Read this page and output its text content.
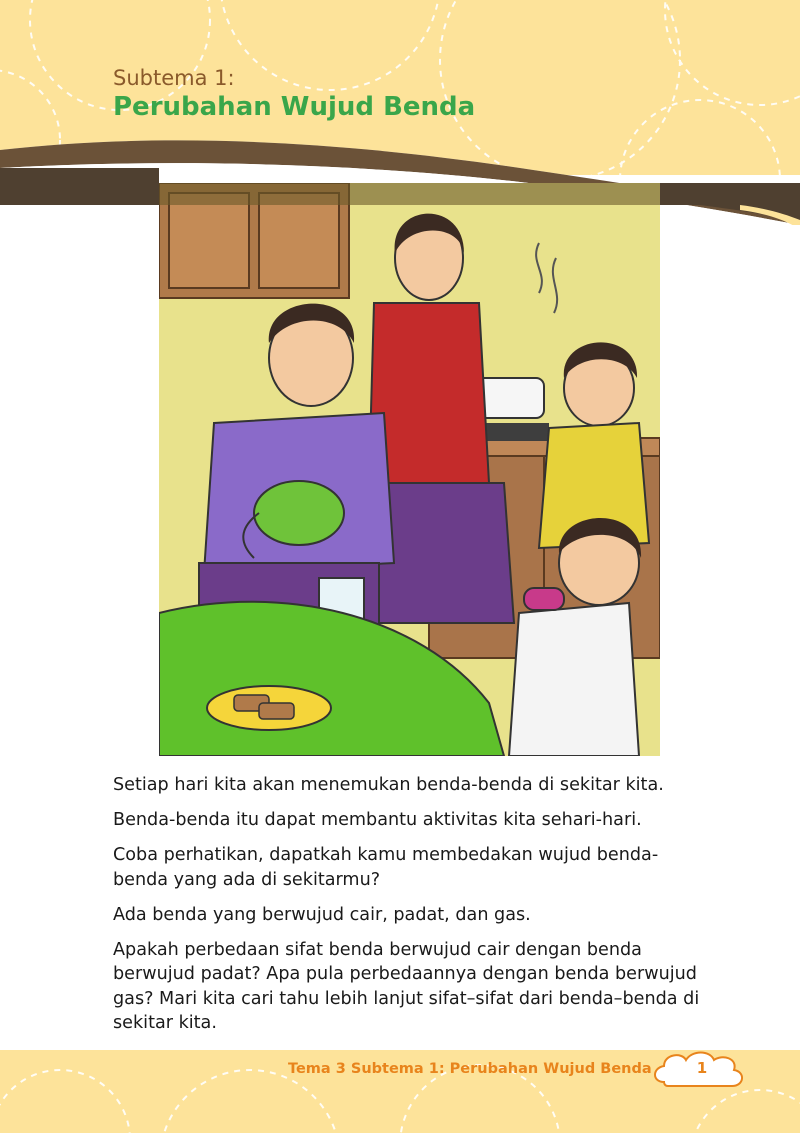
Subtema 1:
Perubahan Wujud Benda

Setiap hari kita akan menemukan benda-benda di sekitar kita.

Benda-benda itu dapat membantu aktivitas kita sehari-hari.

Coba perhatikan, dapatkah kamu membedakan wujud benda-benda yang ada di sekitarmu?

Ada benda yang berwujud cair, padat, dan gas.

Apakah perbedaan sifat benda berwujud cair dengan benda berwujud padat? Apa pula perbedaannya dengan benda berwujud gas? Mari kita cari tahu lebih lanjut sifat–sifat dari benda–benda di sekitar kita.

Tema 3 Subtema 1: Perubahan Wujud Benda	1
